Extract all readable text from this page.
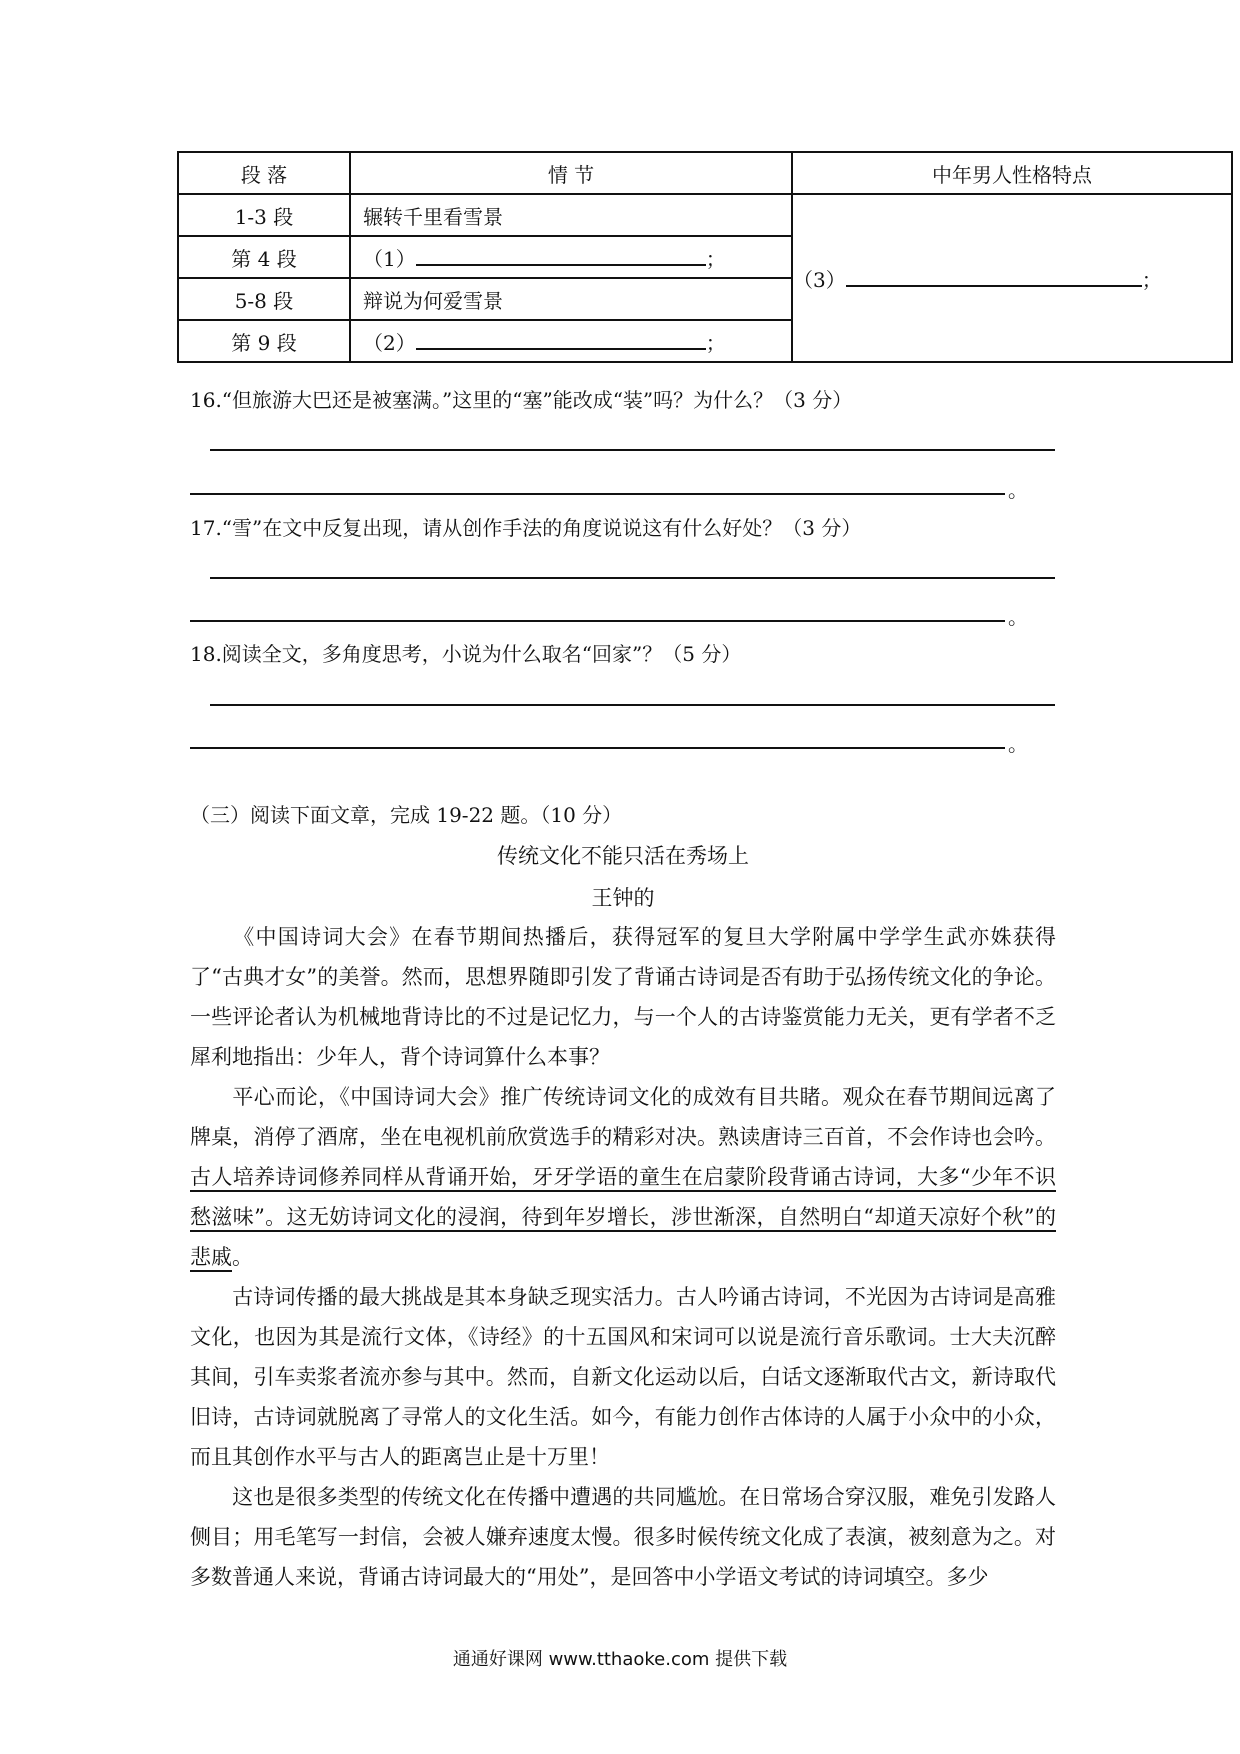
段 落	情 节	中年男人性格特点
1-3 段	辗转千里看雪景	（3） ；
第 4 段	（1） ；	
5-8 段	辩说为何爱雪景	
第 9 段	（2） ；	
16.“但旅游大巴还是被塞满。”这里的“塞”能改成“装”吗？为什么？（3 分）
。
17.“雪”在文中反复出现，请从创作手法的角度说说这有什么好处？（3 分）
。
18.阅读全文，多角度思考，小说为什么取名“回家”？（5 分）
。
（三）阅读下面文章，完成 19-22 题。（10 分）
传统文化不能只活在秀场上
王钟的

《中国诗词大会》在春节期间热播后，获得冠军的复旦大学附属中学学生武亦姝获得了“古典才女”的美誉。然而，思想界随即引发了背诵古诗词是否有助于弘扬传统文化的争论。一些评论者认为机械地背诗比的不过是记忆力，与一个人的古诗鉴赏能力无关，更有学者不乏犀利地指出：少年人，背个诗词算什么本事？

平心而论，《中国诗词大会》推广传统诗词文化的成效有目共睹。观众在春节期间远离了牌桌，消停了酒席，坐在电视机前欣赏选手的精彩对决。熟读唐诗三百首，不会作诗也会吟。古人培养诗词修养同样从背诵开始，牙牙学语的童生在启蒙阶段背诵古诗词，大多“少年不识愁滋味”。这无妨诗词文化的浸润，待到年岁增长，涉世渐深，自然明白“却道天凉好个秋”的悲戚。

古诗词传播的最大挑战是其本身缺乏现实活力。古人吟诵古诗词，不光因为古诗词是高雅文化，也因为其是流行文体，《诗经》的十五国风和宋词可以说是流行音乐歌词。士大夫沉醉其间，引车卖浆者流亦参与其中。然而，自新文化运动以后，白话文逐渐取代古文，新诗取代旧诗，古诗词就脱离了寻常人的文化生活。如今，有能力创作古体诗的人属于小众中的小众，而且其创作水平与古人的距离岂止是十万里！

这也是很多类型的传统文化在传播中遭遇的共同尴尬。在日常场合穿汉服，难免引发路人侧目；用毛笔写一封信，会被人嫌弃速度太慢。很多时候传统文化成了表演，被刻意为之。对多数普通人来说，背诵古诗词最大的“用处”，是回答中小学语文考试的诗词填空。多少

通通好课网 www.tthaoke.com 提供下载
